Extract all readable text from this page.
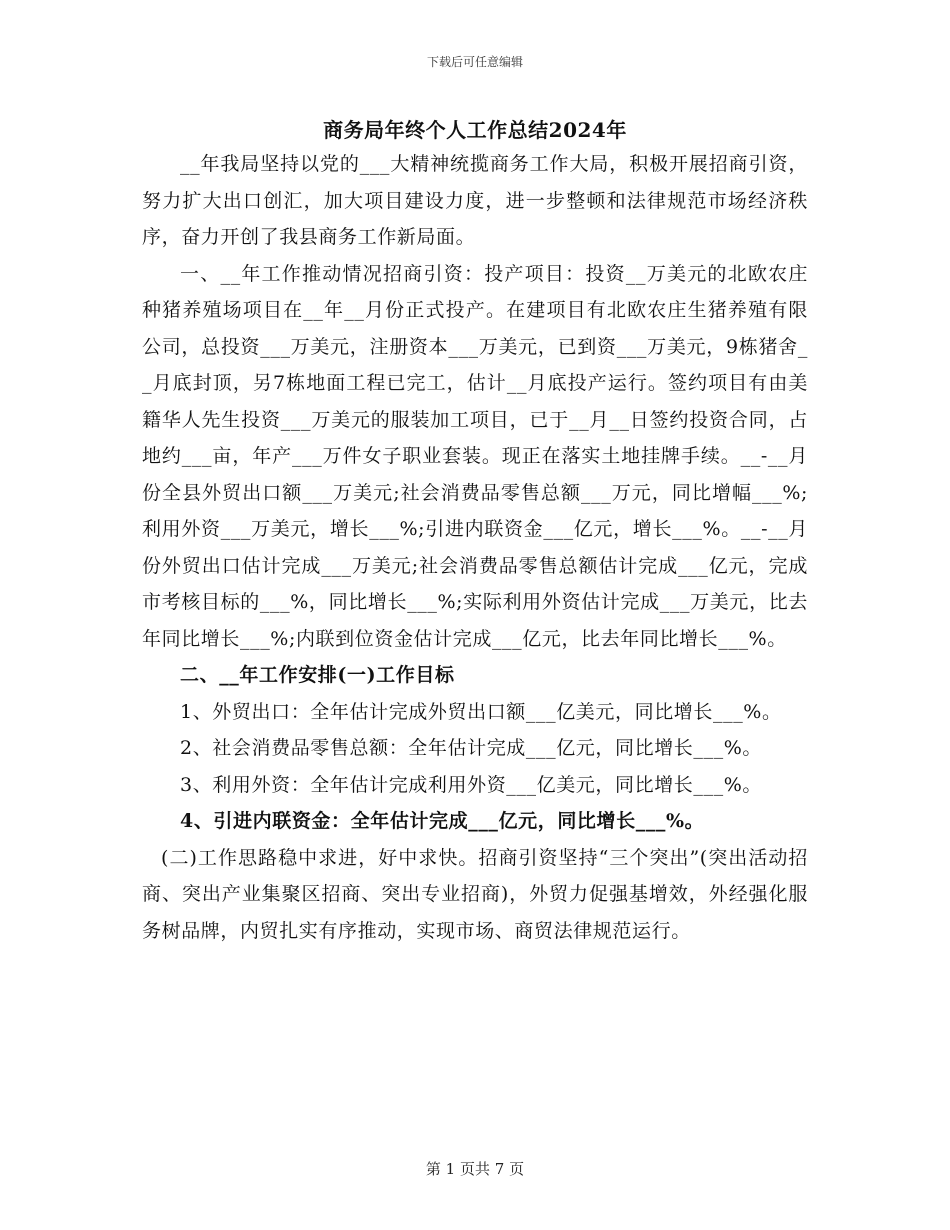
下载后可任意编辑
商务局年终个人工作总结2024年

__年我局坚持以党的___大精神统揽商务工作大局，积极开展招商引资，努力扩大出口创汇，加大项目建设力度，进一步整顿和法律规范市场经济秩序，奋力开创了我县商务工作新局面。

一、__年工作推动情况招商引资：投产项目：投资__万美元的北欧农庄种猪养殖场项目在__年__月份正式投产。在建项目有北欧农庄生猪养殖有限公司，总投资___万美元，注册资本___万美元，已到资___万美元，9栋猪舍__月底封顶，另7栋地面工程已完工，估计__月底投产运行。签约项目有由美籍华人先生投资___万美元的服装加工项目，已于__月__日签约投资合同，占地约___亩，年产___万件女子职业套装。现正在落实土地挂牌手续。__-__月份全县外贸出口额___万美元;社会消费品零售总额___万元，同比增幅___%;利用外资___万美元，增长___%;引进内联资金___亿元，增长___%。__-__月份外贸出口估计完成___万美元;社会消费品零售总额估计完成___亿元，完成市考核目标的___%，同比增长___%;实际利用外资估计完成___万美元，比去年同比增长___%;内联到位资金估计完成___亿元，比去年同比增长___%。

二、__年工作安排(一)工作目标

1、外贸出口：全年估计完成外贸出口额___亿美元，同比增长___%。

2、社会消费品零售总额：全年估计完成___亿元，同比增长___%。

3、利用外资：全年估计完成利用外资___亿美元，同比增长___%。

4、引进内联资金：全年估计完成___亿元，同比增长___%。

(二)工作思路稳中求进，好中求快。招商引资坚持“三个突出”(突出活动招商、突出产业集聚区招商、突出专业招商)，外贸力促强基增效，外经强化服务树品牌，内贸扎实有序推动，实现市场、商贸法律规范运行。

第 1 页共 7 页
